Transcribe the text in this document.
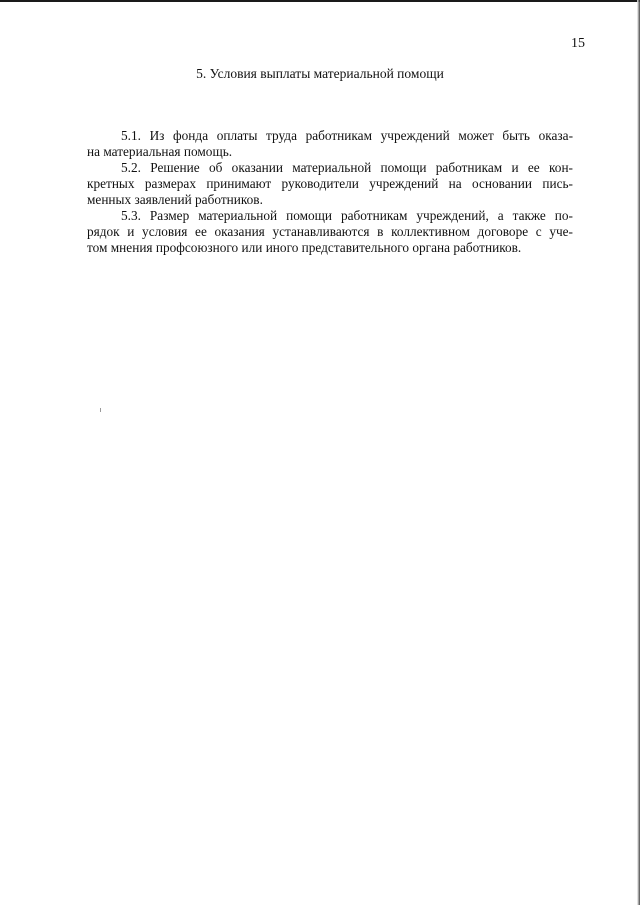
15
5. Условия выплаты материальной помощи
5.1. Из фонда оплаты труда работникам учреждений может быть оказа-
на материальная помощь.
5.2. Решение об оказании материальной помощи работникам и ее кон-
кретных размерах принимают руководители учреждений на основании пись-
менных заявлений работников.
5.3. Размер материальной помощи работникам учреждений, а также по-
рядок и условия ее оказания устанавливаются в коллективном договоре с уче-
том мнения профсоюзного или иного представительного органа работников.
